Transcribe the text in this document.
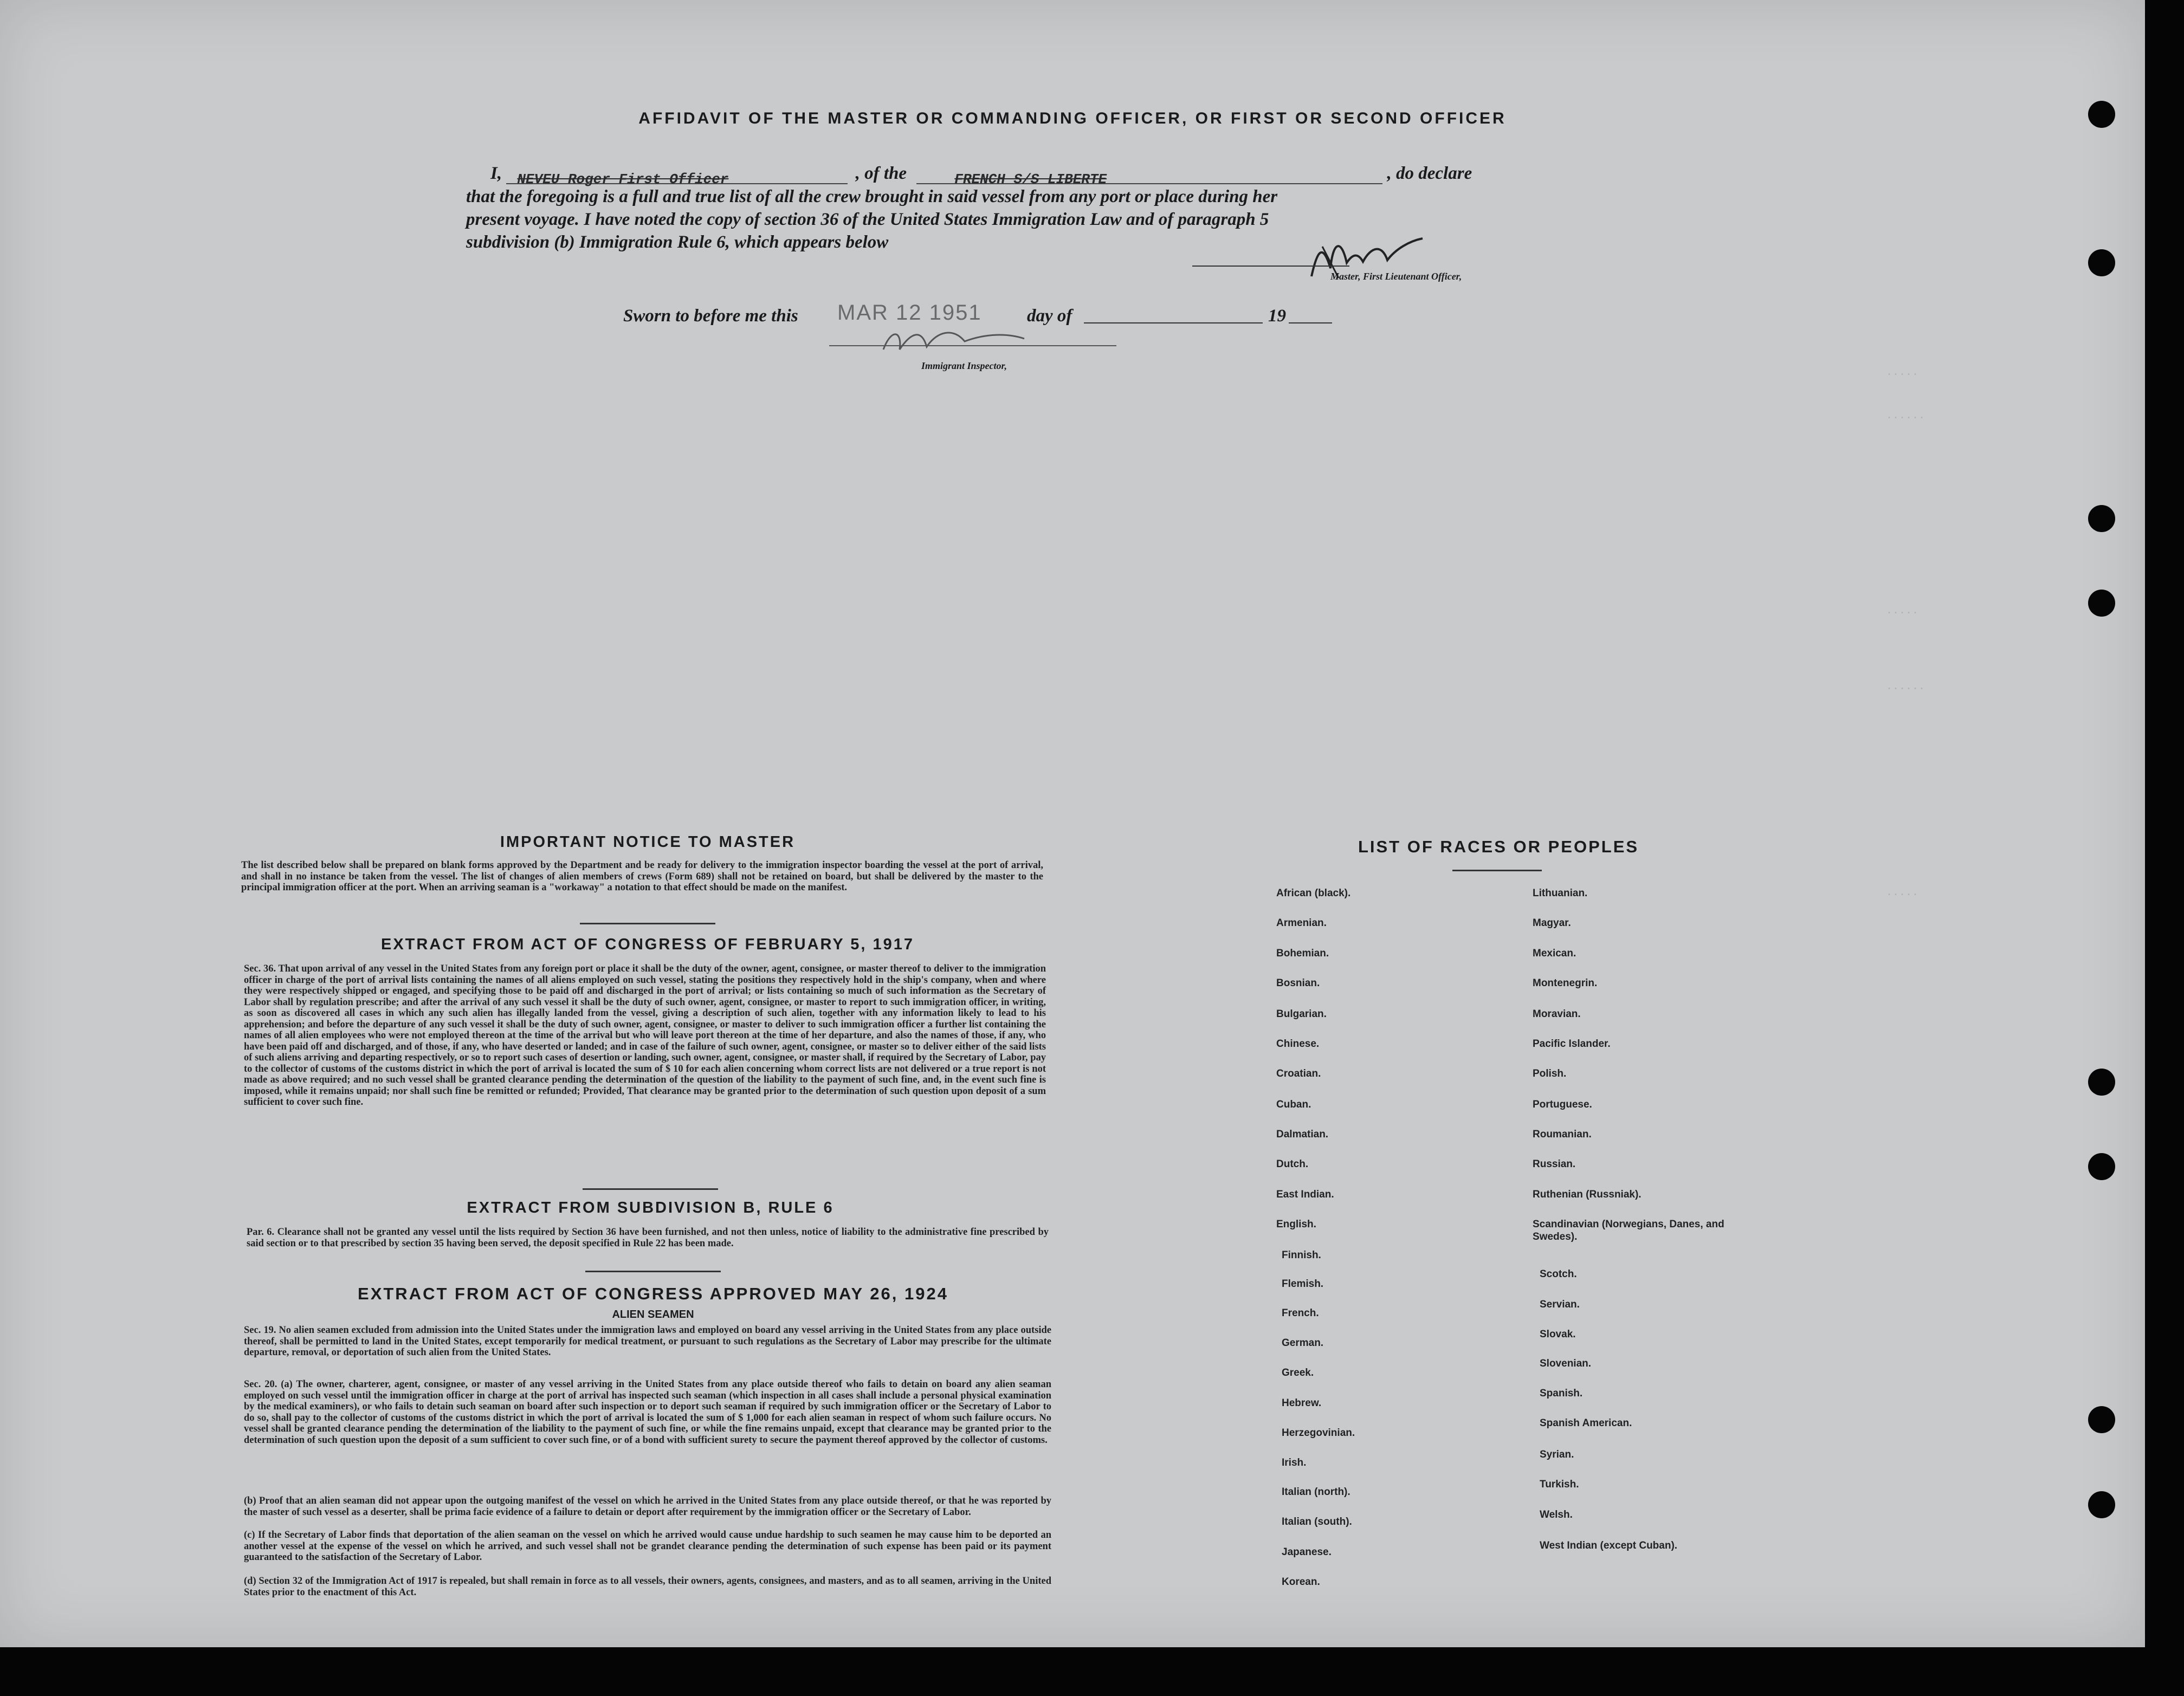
·····
······
·····
······
·····
AFFIDAVIT OF THE MASTER OR COMMANDING OFFICER, OR FIRST OR SECOND OFFICER
I, NEVEU Roger First Officer	, of the	FRENCH S/S LIBERTE	, do declare
that the foregoing is a full and true list of all the crew brought in said vessel from any port or place during her
present voyage. I have noted the copy of section 36 of the United States Immigration Law and of paragraph 5
subdivision (b) Immigration Rule 6, which appears below
Master, First Lieutenant Officer,
Sworn to before me this MAR 12 1951	day of	19
Immigrant Inspector,
IMPORTANT NOTICE TO MASTER
The list described below shall be prepared on blank forms approved by the Department and be ready for delivery to the immigration inspector boarding the vessel at the port of arrival, and shall in no instance be taken from the vessel. The list of changes of alien members of crews (Form 689) shall not be retained on board, but shall be delivered by the master to the principal immigration officer at the port. When an arriving seaman is a "workaway" a notation to that effect should be made on the manifest.
EXTRACT FROM ACT OF CONGRESS OF FEBRUARY 5, 1917
Sec. 36. That upon arrival of any vessel in the United States from any foreign port or place it shall be the duty of the owner, agent, consignee, or master thereof to deliver to the immigration officer in charge of the port of arrival lists containing the names of all aliens employed on such vessel, stating the positions they respectively hold in the ship's company, when and where they were respectively shipped or engaged, and specifying those to be paid off and discharged in the port of arrival; or lists containing so much of such information as the Secretary of Labor shall by regulation prescribe; and after the arrival of any such vessel it shall be the duty of such owner, agent, consignee, or master to report to such immigration officer, in writing, as soon as discovered all cases in which any such alien has illegally landed from the vessel, giving a description of such alien, together with any information likely to lead to his apprehension; and before the departure of any such vessel it shall be the duty of such owner, agent, consignee, or master to deliver to such immigration officer a further list containing the names of all alien employees who were not employed thereon at the time of the arrival but who will leave port thereon at the time of her departure, and also the names of those, if any, who have been paid off and discharged, and of those, if any, who have deserted or landed; and in case of the failure of such owner, agent, consignee, or master so to deliver either of the said lists of such aliens arriving and departing respectively, or so to report such cases of desertion or landing, such owner, agent, consignee, or master shall, if required by the Secretary of Labor, pay to the collector of customs of the customs district in which the port of arrival is located the sum of $ 10 for each alien concerning whom correct lists are not delivered or a true report is not made as above required; and no such vessel shall be granted clearance pending the determination of the question of the liability to the payment of such fine, and, in the event such fine is imposed, while it remains unpaid; nor shall such fine be remitted or refunded; Provided, That clearance may be granted prior to the determination of such question upon deposit of a sum sufficient to cover such fine.
EXTRACT FROM SUBDIVISION B, RULE 6
Par. 6. Clearance shall not be granted any vessel until the lists required by Section 36 have been furnished, and not then unless, notice of liability to the administrative fine prescribed by said section or to that prescribed by section 35 having been served, the deposit specified in Rule 22 has been made.
EXTRACT FROM ACT OF CONGRESS APPROVED MAY 26, 1924
ALIEN SEAMEN
Sec. 19. No alien seamen excluded from admission into the United States under the immigration laws and employed on board any vessel arriving in the United States from any place outside thereof, shall be permitted to land in the United States, except temporarily for medical treatment, or pursuant to such regulations as the Secretary of Labor may prescribe for the ultimate departure, removal, or deportation of such alien from the United States.
Sec. 20. (a) The owner, charterer, agent, consignee, or master of any vessel arriving in the United States from any place outside thereof who fails to detain on board any alien seaman employed on such vessel until the immigration officer in charge at the port of arrival has inspected such seaman (which inspection in all cases shall include a personal physical examination by the medical examiners), or who fails to detain such seaman on board after such inspection or to deport such seaman if required by such immigration officer or the Secretary of Labor to do so, shall pay to the collector of customs of the customs district in which the port of arrival is located the sum of $ 1,000 for each alien seaman in respect of whom such failure occurs. No vessel shall be granted clearance pending the determination of the liability to the payment of such fine, or while the fine remains unpaid, except that clearance may be granted prior to the determination of such question upon the deposit of a sum sufficient to cover such fine, or of a bond with sufficient surety to secure the payment thereof approved by the collector of customs.
(b) Proof that an alien seaman did not appear upon the outgoing manifest of the vessel on which he arrived in the United States from any place outside thereof, or that he was reported by the master of such vessel as a deserter, shall be prima facie evidence of a failure to detain or deport after requirement by the immigration officer or the Secretary of Labor.
(c) If the Secretary of Labor finds that deportation of the alien seaman on the vessel on which he arrived would cause undue hardship to such seamen he may cause him to be deported an another vessel at the expense of the vessel on which he arrived, and such vessel shall not be grandet clearance pending the determination of such expense has been paid or its payment guaranteed to the satisfaction of the Secretary of Labor.
(d) Section 32 of the Immigration Act of 1917 is repealed, but shall remain in force as to all vessels, their owners, agents, consignees, and masters, and as to all seamen, arriving in the United States prior to the enactment of this Act.
LIST OF RACES OR PEOPLES
African (black).
Armenian.
Bohemian.
Bosnian.
Bulgarian.
Chinese.
Croatian.
Cuban.
Dalmatian.
Dutch.
East Indian.
English.
Finnish.
Flemish.
French.
German.
Greek.
Hebrew.
Herzegovinian.
Irish.
Italian (north).
Italian (south).
Japanese.
Korean.
Lithuanian.
Magyar.
Mexican.
Montenegrin.
Moravian.
Pacific Islander.
Polish.
Portuguese.
Roumanian.
Russian.
Ruthenian (Russniak).
Scandinavian (Norwegians, Danes, and Swedes).
Scotch.
Servian.
Slovak.
Slovenian.
Spanish.
Spanish American.
Syrian.
Turkish.
Welsh.
West Indian (except Cuban).
